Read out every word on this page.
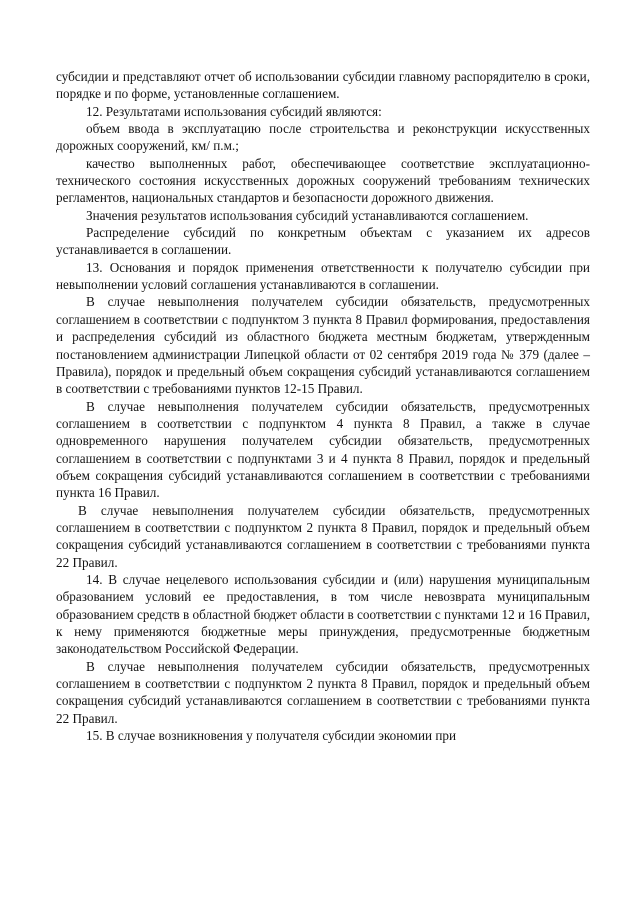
субсидии и представляют отчет об использовании субсидии главному распорядителю в сроки, порядке и по форме, установленные соглашением.

12. Результатами использования субсидий являются:

объем ввода в эксплуатацию после строительства и реконструкции искусственных дорожных сооружений, км/ п.м.;

качество выполненных работ, обеспечивающее соответствие эксплуатационно-технического состояния искусственных дорожных сооружений требованиям технических регламентов, национальных стандартов и безопасности дорожного движения.

Значения результатов использования субсидий устанавливаются соглашением.

Распределение субсидий по конкретным объектам с указанием их адресов устанавливается в соглашении.

13. Основания и порядок применения ответственности к получателю субсидии при невыполнении условий соглашения устанавливаются в соглашении.

В случае невыполнения получателем субсидии обязательств, предусмотренных соглашением в соответствии с подпунктом 3 пункта 8 Правил формирования, предоставления и распределения субсидий из областного бюджета местным бюджетам, утвержденным постановлением администрации Липецкой области от 02 сентября 2019 года № 379 (далее – Правила), порядок и предельный объем сокращения субсидий устанавливаются соглашением в соответствии с требованиями пунктов 12-15 Правил.

В случае невыполнения получателем субсидии обязательств, предусмотренных соглашением в соответствии с подпунктом 4 пункта 8 Правил, а также в случае одновременного нарушения получателем субсидии обязательств, предусмотренных соглашением в соответствии с подпунктами 3 и 4 пункта 8 Правил, порядок и предельный объем сокращения субсидий устанавливаются соглашением в соответствии с требованиями пункта 16 Правил.

В случае невыполнения получателем субсидии обязательств, предусмотренных соглашением в соответствии с подпунктом 2 пункта 8 Правил, порядок и предельный объем сокращения субсидий устанавливаются соглашением в соответствии с требованиями пункта 22 Правил.

14. В случае нецелевого использования субсидии и (или) нарушения муниципальным образованием условий ее предоставления, в том числе невозврата муниципальным образованием средств в областной бюджет области в соответствии с пунктами 12 и 16 Правил, к нему применяются бюджетные меры принуждения, предусмотренные бюджетным законодательством Российской Федерации.

В случае невыполнения получателем субсидии обязательств, предусмотренных соглашением в соответствии с подпунктом 2 пункта 8 Правил, порядок и предельный объем сокращения субсидий устанавливаются соглашением в соответствии с требованиями пункта 22 Правил.

15. В случае возникновения у получателя субсидии экономии при
